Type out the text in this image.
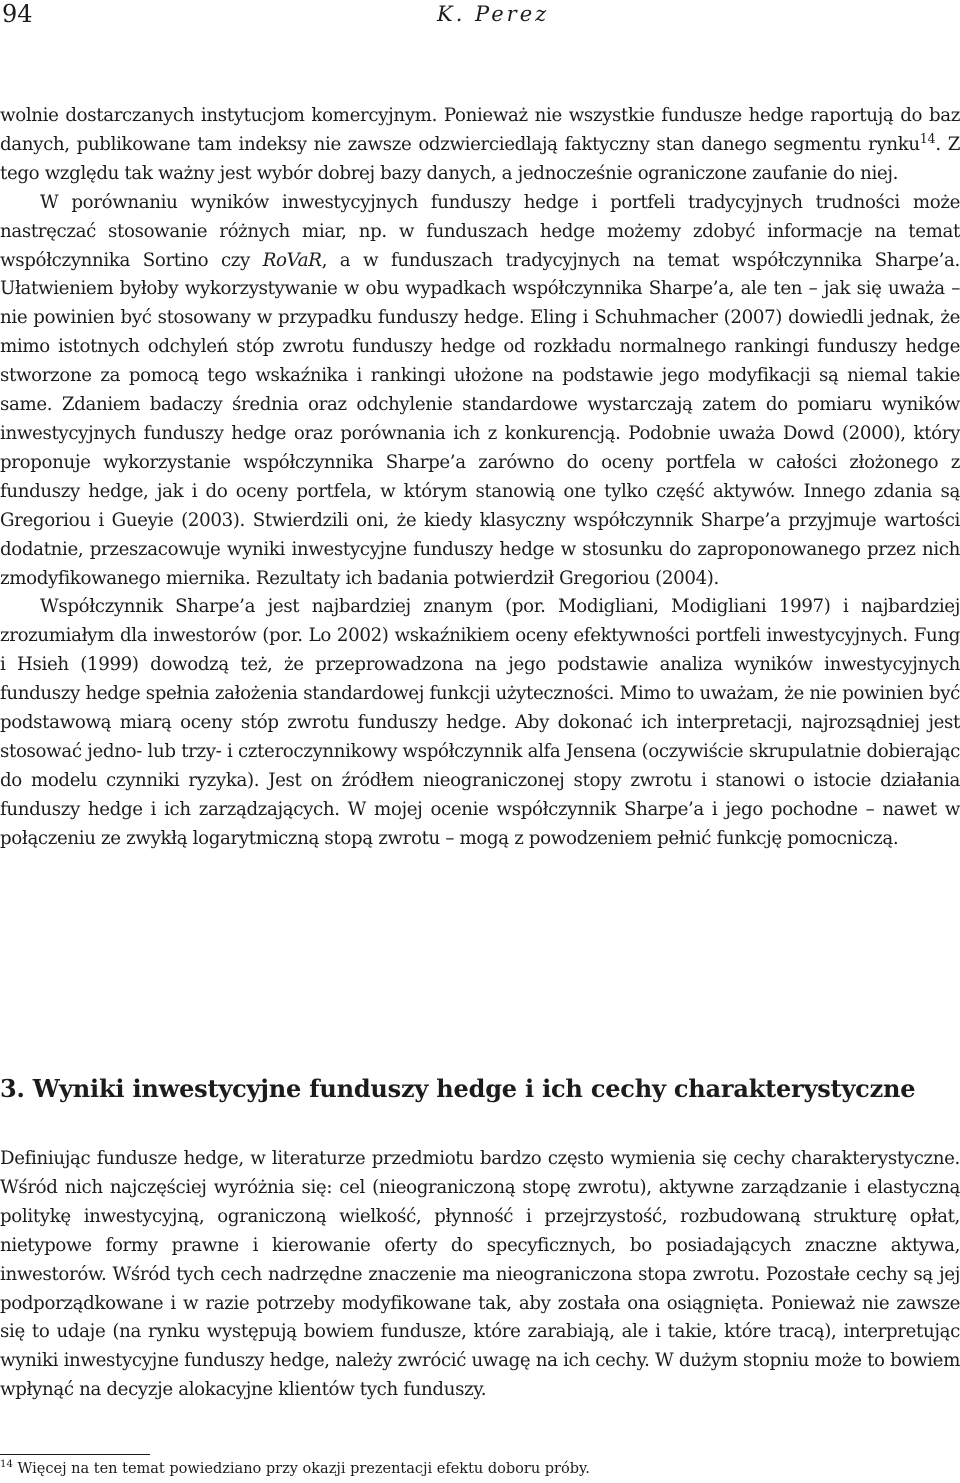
94	K. Perez

wolnie dostarczanych instytucjom komercyjnym. Ponieważ nie wszystkie fundusze hedge raportują do baz danych, publikowane tam indeksy nie zawsze odzwierciedlają faktyczny stan danego segmentu rynku$^{14}$. Z tego względu tak ważny jest wybór dobrej bazy danych, a jednocześnie ograniczone zaufanie do niej.

W porównaniu wyników inwestycyjnych funduszy hedge i portfeli tradycyjnych trudności może nastręczać stosowanie różnych miar, np. w funduszach hedge możemy zdobyć informacje na temat współczynnika Sortino czy RoVaR, a w funduszach tradycyjnych na temat współczynnika Sharpe’a. Ułatwieniem byłoby wykorzystywanie w obu wypadkach współczynnika Sharpe’a, ale ten – jak się uważa – nie powinien być stosowany w przypadku funduszy hedge. Eling i Schuhmacher (2007) dowiedli jednak, że mimo istotnych odchyleń stóp zwrotu funduszy hedge od rozkładu normalnego rankingi funduszy hedge stworzone za pomocą tego wskaźnika i rankingi ułożone na podstawie jego modyfikacji są niemal takie same. Zdaniem badaczy średnia oraz odchylenie standardowe wystarczają zatem do pomiaru wyników inwestycyjnych funduszy hedge oraz porównania ich z konkurencją. Podobnie uważa Dowd (2000), który proponuje wykorzystanie współczynnika Sharpe’a zarówno do oceny portfela w całości złożonego z funduszy hedge, jak i do oceny portfela, w którym stanowią one tylko część aktywów. Innego zdania są Gregoriou i Gueyie (2003). Stwierdzili oni, że kiedy klasyczny współczynnik Sharpe’a przyjmuje wartości dodatnie, przeszacowuje wyniki inwestycyjne funduszy hedge w stosunku do zaproponowanego przez nich zmodyfikowanego miernika. Rezultaty ich badania potwierdził Gregoriou (2004).

Współczynnik Sharpe’a jest najbardziej znanym (por. Modigliani, Modigliani 1997) i najbardziej zrozumiałym dla inwestorów (por. Lo 2002) wskaźnikiem oceny efektywności portfeli inwestycyjnych. Fung i Hsieh (1999) dowodzą też, że przeprowadzona na jego podstawie analiza wyników inwestycyjnych funduszy hedge spełnia założenia standardowej funkcji użyteczności. Mimo to uważam, że nie powinien być podstawową miarą oceny stóp zwrotu funduszy hedge. Aby dokonać ich interpretacji, najrozsądniej jest stosować jedno- lub trzy- i czteroczynnikowy współczynnik alfa Jensena (oczywiście skrupulatnie dobierając do modelu czynniki ryzyka). Jest on źródłem nieograniczonej stopy zwrotu i stanowi o istocie działania funduszy hedge i ich zarządzających. W mojej ocenie współczynnik Sharpe’a i jego pochodne – nawet w połączeniu ze zwykłą logarytmiczną stopą zwrotu – mogą z powodzeniem pełnić funkcję pomocniczą.

3. Wyniki inwestycyjne funduszy hedge i ich cechy charakterystyczne

Definiując fundusze hedge, w literaturze przedmiotu bardzo często wymienia się cechy charakterystyczne. Wśród nich najczęściej wyróżnia się: cel (nieograniczoną stopę zwrotu), aktywne zarządzanie i elastyczną politykę inwestycyjną, ograniczoną wielkość, płynność i przejrzystość, rozbudowaną strukturę opłat, nietypowe formy prawne i kierowanie oferty do specyficznych, bo posiadających znaczne aktywa, inwestorów. Wśród tych cech nadrzędne znaczenie ma nieograniczona stopa zwrotu. Pozostałe cechy są jej podporządkowane i w razie potrzeby modyfikowane tak, aby została ona osiągnięta. Ponieważ nie zawsze się to udaje (na rynku występują bowiem fundusze, które zarabiają, ale i takie, które tracą), interpretując wyniki inwestycyjne funduszy hedge, należy zwrócić uwagę na ich cechy. W dużym stopniu może to bowiem wpłynąć na decyzje alokacyjne klientów tych funduszy.

$^{14}$ Więcej na ten temat powiedziano przy okazji prezentacji efektu doboru próby.
